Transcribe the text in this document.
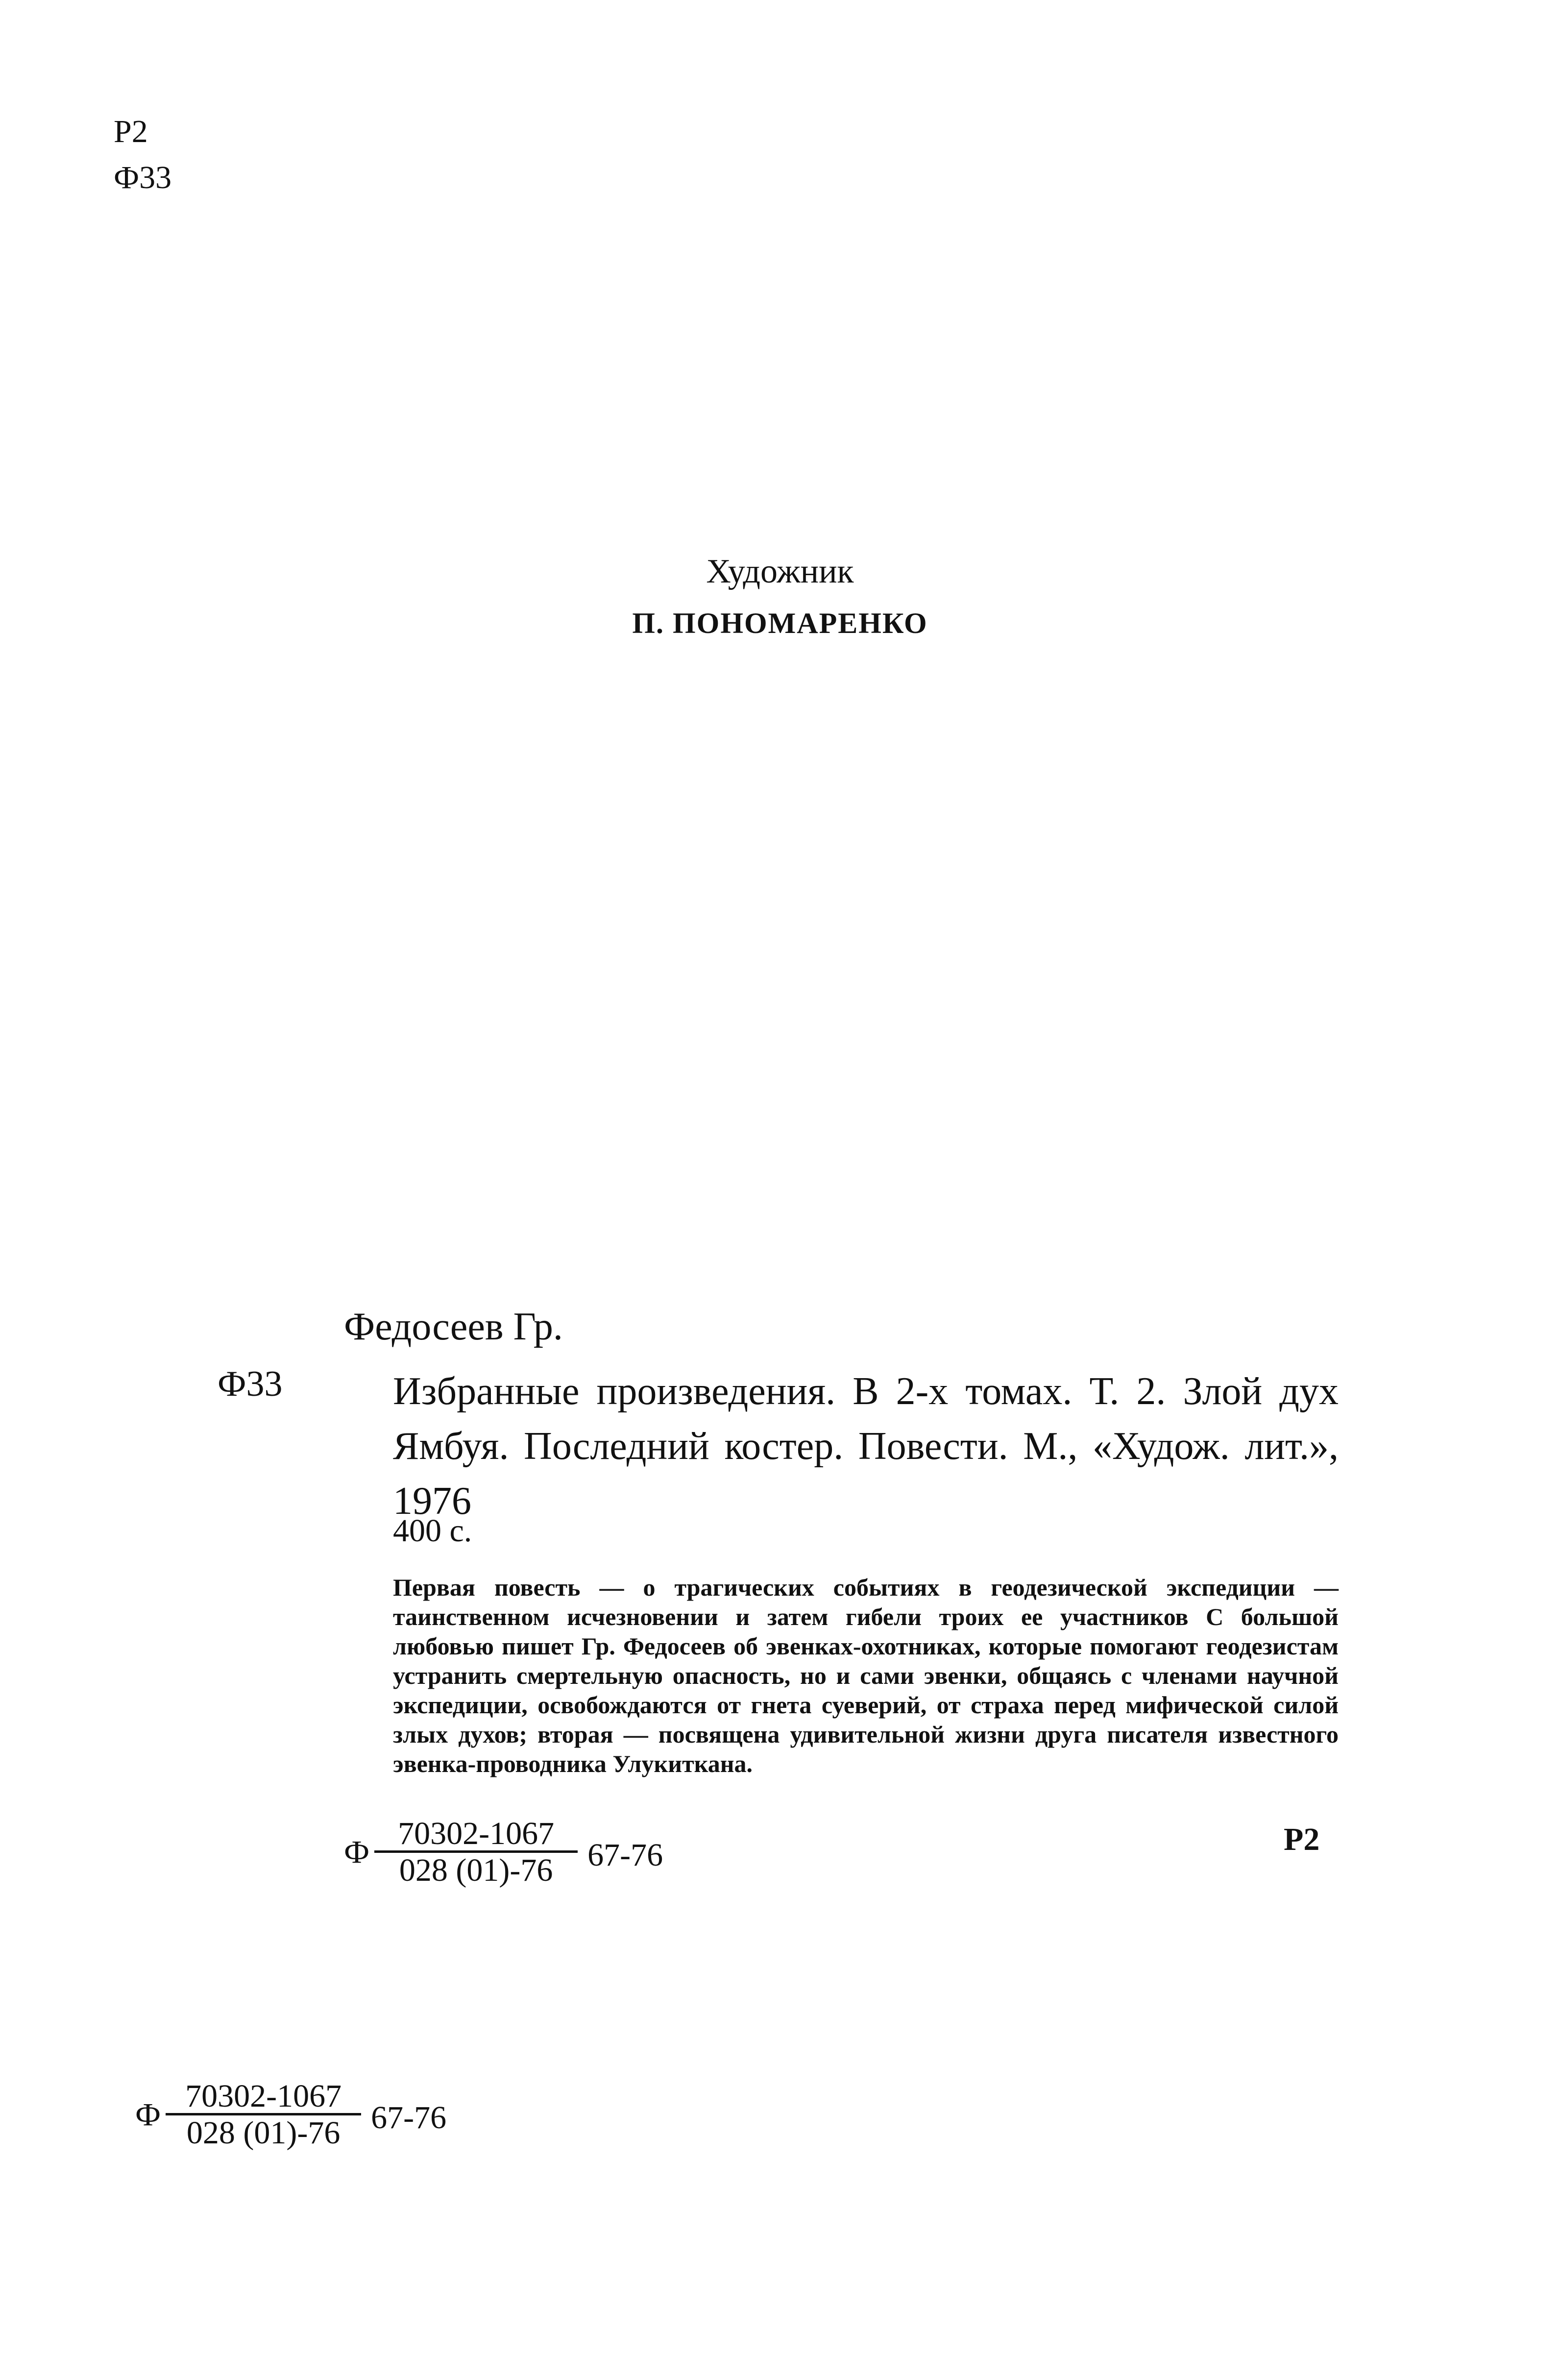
Р2
Ф33
Художник
П. ПОНОМАРЕНКО
Федосеев Гр.
Ф33	Избранные произведения. В 2-х томах. Т. 2. Злой дух Ямбуя. Последний костер. Повести. М., «Худож. лит.», 1976
400 с.
Первая повесть — о трагических событиях в геодезической экспедиции — таинственном исчезновении и затем гибели троих ее участников С большой любовью пишет Гр. Федосеев об эвенках-охотниках, которые помогают геодезистам устранить смертельную опасность, но и сами эвенки, общаясь с членами научной экспедиции, освобождаются от гнета суеверий, от страха перед мифической силой злых духов; вторая — посвящена удивительной жизни друга писателя известного эвенка-проводника Улукиткана.
Ф $\frac{70302-1067}{028 (01)-76} 67-76$	Р2
Ф $\frac{70302-1067}{028 (01)-76} 67-76$
